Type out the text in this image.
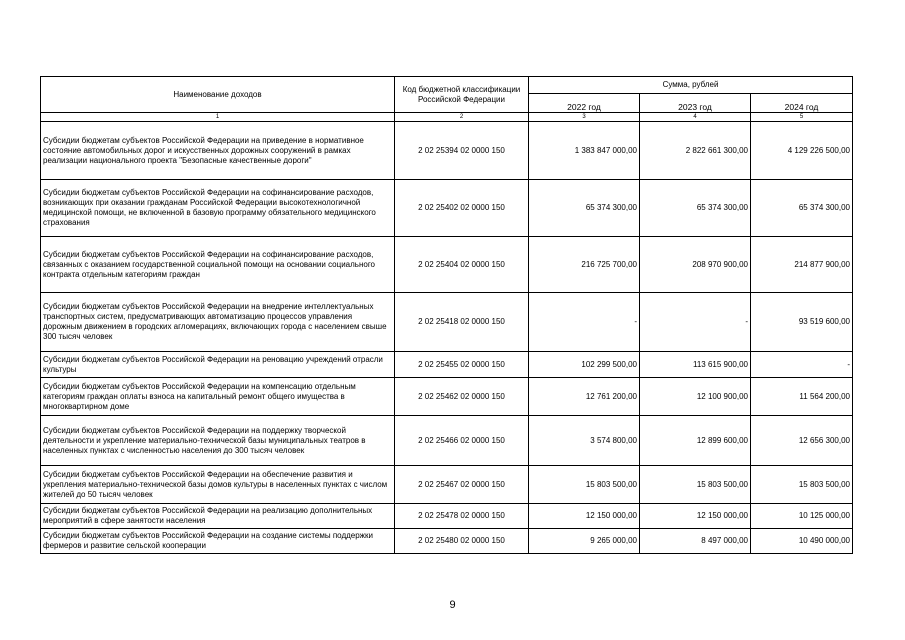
Наименование доходов	Код бюджетной классификации Российской Федерации	Сумма, рублей		
		2022 год	2023 год	2024 год
1	2	3	4	5
Субсидии бюджетам субъектов Российской Федерации на приведение в нормативное состояние автомобильных дорог и искусственных дорожных сооружений в рамках реализации национального проекта "Безопасные качественные дороги"	2 02 25394 02 0000 150	1 383 847 000,00	2 822 661 300,00	4 129 226 500,00
Субсидии бюджетам субъектов Российской Федерации на софинансирование расходов, возникающих при оказании гражданам Российской Федерации высокотехнологичной медицинской помощи, не включенной в базовую программу обязательного медицинского страхования	2 02 25402 02 0000 150	65 374 300,00	65 374 300,00	65 374 300,00
Субсидии бюджетам субъектов Российской Федерации на софинансирование расходов, связанных с оказанием государственной социальной помощи на основании социального контракта отдельным категориям граждан	2 02 25404 02 0000 150	216 725 700,00	208 970 900,00	214 877 900,00
Субсидии бюджетам субъектов Российской Федерации на внедрение интеллектуальных транспортных систем, предусматривающих автоматизацию процессов управления дорожным движением в городских агломерациях, включающих города с населением свыше 300 тысяч человек	2 02 25418 02 0000 150	-	-	93 519 600,00
Субсидии бюджетам субъектов Российской Федерации на реновацию учреждений отрасли культуры	2 02 25455 02 0000 150	102 299 500,00	113 615 900,00	-
Субсидии бюджетам субъектов Российской Федерации на компенсацию отдельным категориям граждан оплаты взноса на капитальный ремонт общего имущества в многоквартирном доме	2 02 25462 02 0000 150	12 761 200,00	12 100 900,00	11 564 200,00
Субсидии бюджетам субъектов Российской Федерации на поддержку творческой деятельности и укрепление материально-технической базы муниципальных театров в населенных пунктах с численностью населения до 300 тысяч человек	2 02 25466 02 0000 150	3 574 800,00	12 899 600,00	12 656 300,00
Субсидии бюджетам субъектов Российской Федерации на обеспечение развития и укрепления материально-технической базы домов культуры в населенных пунктах с числом жителей до 50 тысяч человек	2 02 25467 02 0000 150	15 803 500,00	15 803 500,00	15 803 500,00
Субсидии бюджетам субъектов Российской Федерации на реализацию дополнительных мероприятий в сфере занятости населения	2 02 25478 02 0000 150	12 150 000,00	12 150 000,00	10 125 000,00
Субсидии бюджетам субъектов Российской Федерации на создание системы поддержки фермеров и развитие сельской кооперации	2 02 25480 02 0000 150	9 265 000,00	8 497 000,00	10 490 000,00
9
